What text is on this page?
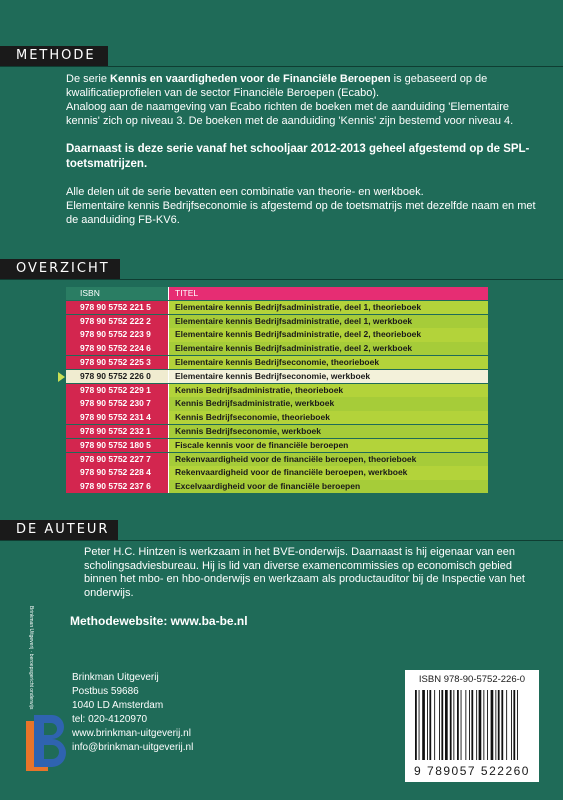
METHODE
De serie Kennis en vaardigheden voor de Financiële Beroepen is gebaseerd op de kwalificatieprofielen van de sector Financiële Beroepen (Ecabo).
Analoog aan de naamgeving van Ecabo richten de boeken met de aanduiding 'Elementaire kennis' zich op niveau 3. De boeken met de aanduiding 'Kennis' zijn bestemd voor niveau 4.
Daarnaast is deze serie vanaf het schooljaar 2012-2013 geheel afgestemd op de SPL-toetsmatrijzen.
Alle delen uit de serie bevatten een combinatie van theorie- en werkboek.
Elementaire kennis Bedrijfseconomie is afgestemd op de toetsmatrijs met dezelfde naam en met de aanduiding FB-KV6.
OVERZICHT
ISBN	TITEL
978 90 5752 221 5	Elementaire kennis Bedrijfsadministratie, deel 1, theorieboek
978 90 5752 222 2	Elementaire kennis Bedrijfsadministratie, deel 1, werkboek
978 90 5752 223 9	Elementaire kennis Bedrijfsadministratie, deel 2, theorieboek
978 90 5752 224 6	Elementaire kennis Bedrijfsadministratie, deel 2, werkboek
978 90 5752 225 3	Elementaire kennis Bedrijfseconomie, theorieboek
978 90 5752 226 0	Elementaire kennis Bedrijfseconomie, werkboek
978 90 5752 229 1	Kennis Bedrijfsadministratie, theorieboek
978 90 5752 230 7	Kennis Bedrijfsadministratie, werkboek
978 90 5752 231 4	Kennis Bedrijfseconomie, theorieboek
978 90 5752 232 1	Kennis Bedrijfseconomie, werkboek
978 90 5752 180 5	Fiscale kennis voor de financiële beroepen
978 90 5752 227 7	Rekenvaardigheid voor de financiële beroepen, theorieboek
978 90 5752 228 4	Rekenvaardigheid voor de financiële beroepen, werkboek
978 90 5752 237 6	Excelvaardigheid voor de financiële beroepen
DE AUTEUR
Peter H.C. Hintzen is werkzaam in het BVE-onderwijs. Daarnaast is hij eigenaar van een scholingsadviesbureau. Hij is lid van diverse examencommissies op economisch gebied binnen het mbo- en hbo-onderwijs en werkzaam als productauditor bij de Inspectie van het onderwijs.
Methodewebsite: www.ba-be.nl
Brinkman Uitgeverij · beroepsgericht onderwijs	Brinkman Uitgeverij
Postbus 59686
1040 LD Amsterdam
tel: 020-4120970
www.brinkman-uitgeverij.nl
info@brinkman-uitgeverij.nl
ISBN 978-90-5752-226-0
9 789057 522260
